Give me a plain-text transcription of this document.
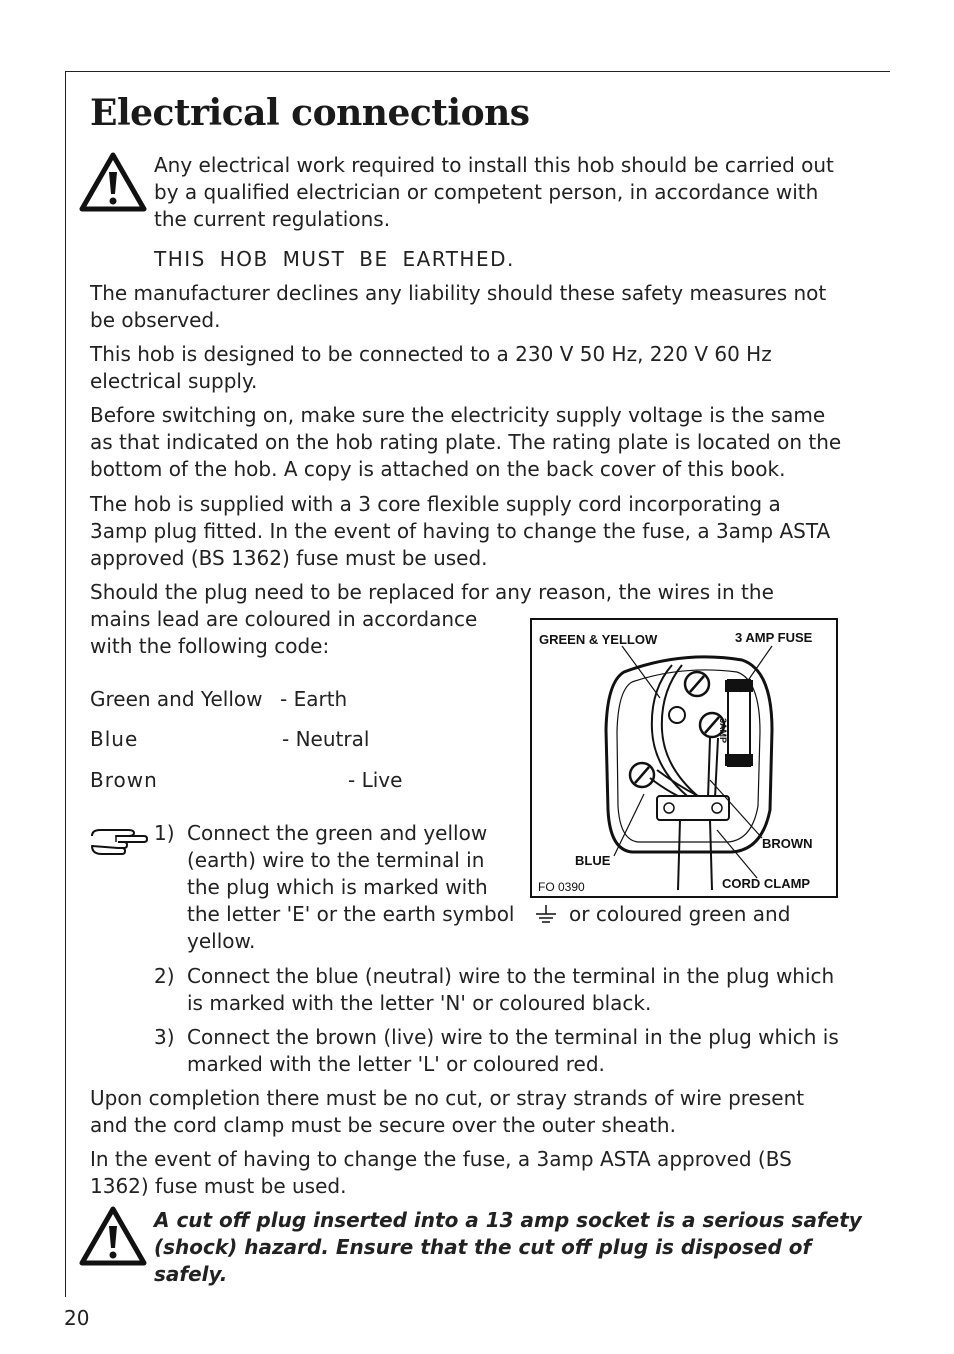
Electrical connections

Any electrical work required to install this hob should be carried out

by a qualified electrician or competent person, in accordance with

the current regulations.

THIS HOB MUST BE EARTHED.

The manufacturer declines any liability should these safety measures not

be observed.

This hob is designed to be connected to a 230 V 50 Hz, 220 V 60 Hz

electrical supply.

Before switching on, make sure the electricity supply voltage is the same

as that indicated on the hob rating plate. The rating plate is located on the

bottom of the hob. A copy is attached on the back cover of this book.

The hob is supplied with a 3 core flexible supply cord incorporating a

3amp plug fitted. In the event of having to change the fuse, a 3amp ASTA

approved (BS 1362) fuse must be used.

Should the plug need to be replaced for any reason, the wires in the

mains lead are coloured in accordance

with the following code:

Green and Yellow - Earth

Blue	- Neutral

Brown	- Live

GREEN & YELLOW	3 AMP FUSE
3AMP
BROWN
BLUE
CORD CLAMP
FO 0390
1) Connect the green and yellow

(earth) wire to the terminal in

the plug which is marked with

the letter 'E' or the earth symbol	or coloured green and

yellow.

2) Connect the blue (neutral) wire to the terminal in the plug which

is marked with the letter 'N' or coloured black.

3) Connect the brown (live) wire to the terminal in the plug which is

marked with the letter 'L' or coloured red.

Upon completion there must be no cut, or stray strands of wire present

and the cord clamp must be secure over the outer sheath.

In the event of having to change the fuse, a 3amp ASTA approved (BS

1362) fuse must be used.

A cut off plug inserted into a 13 amp socket is a serious safety

(shock) hazard. Ensure that the cut off plug is disposed of

safely.

20
